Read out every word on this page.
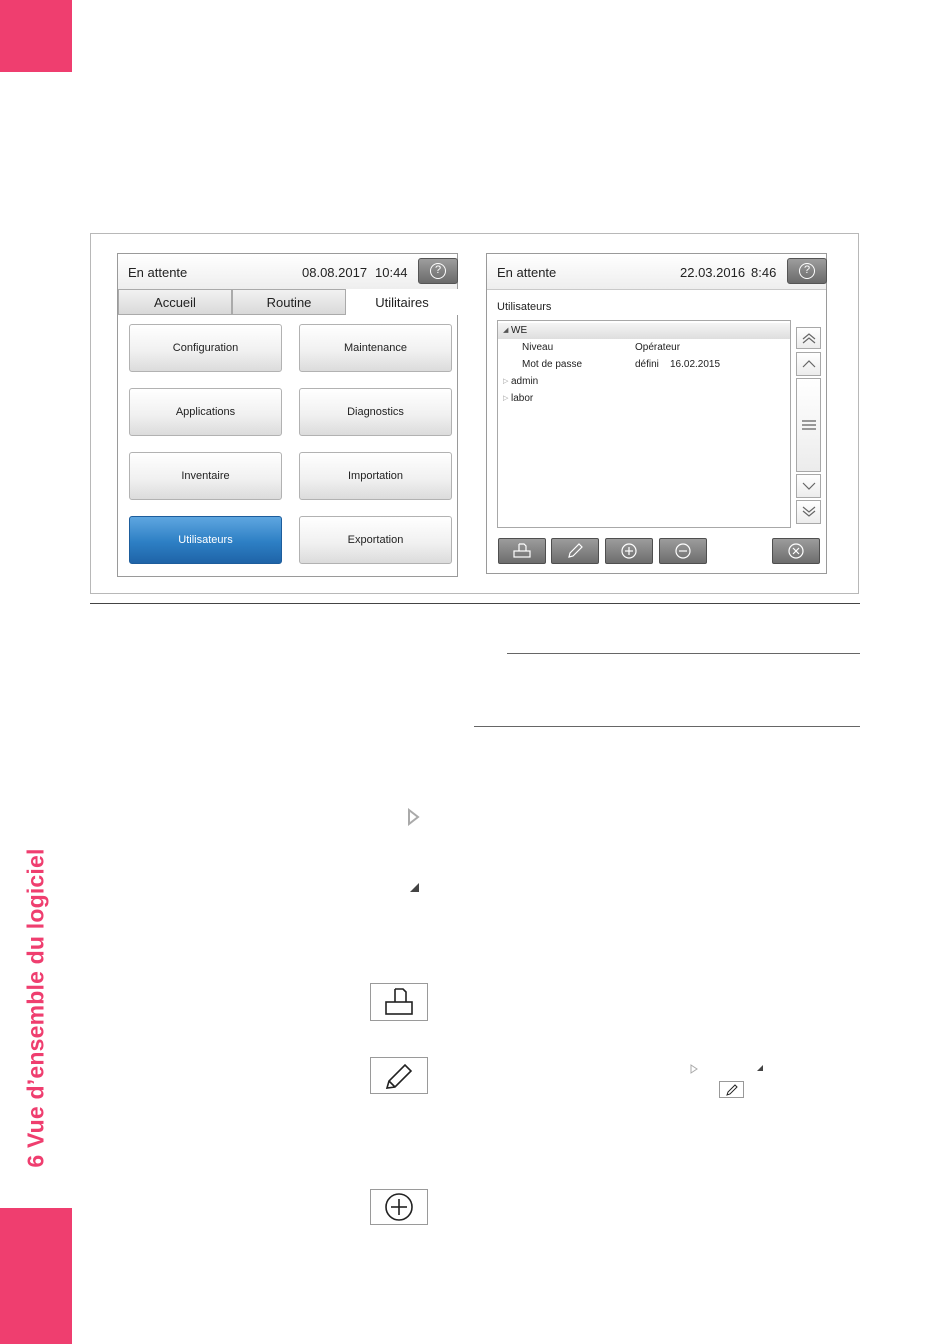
6 Vue d’ensemble du logiciel
En attente	08.08.2017 10:44	?
Accueil	Routine	Utilitaires
Configuration	Maintenance
Applications	Diagnostics
Inventaire	Importation
Utilisateurs	Exportation
En attente	22.03.2016 8:46	?
Utilisateurs
◢ WE
Niveau	Opérateur
Mot de passe	défini 16.02.2015
▷ admin
▷ labor
